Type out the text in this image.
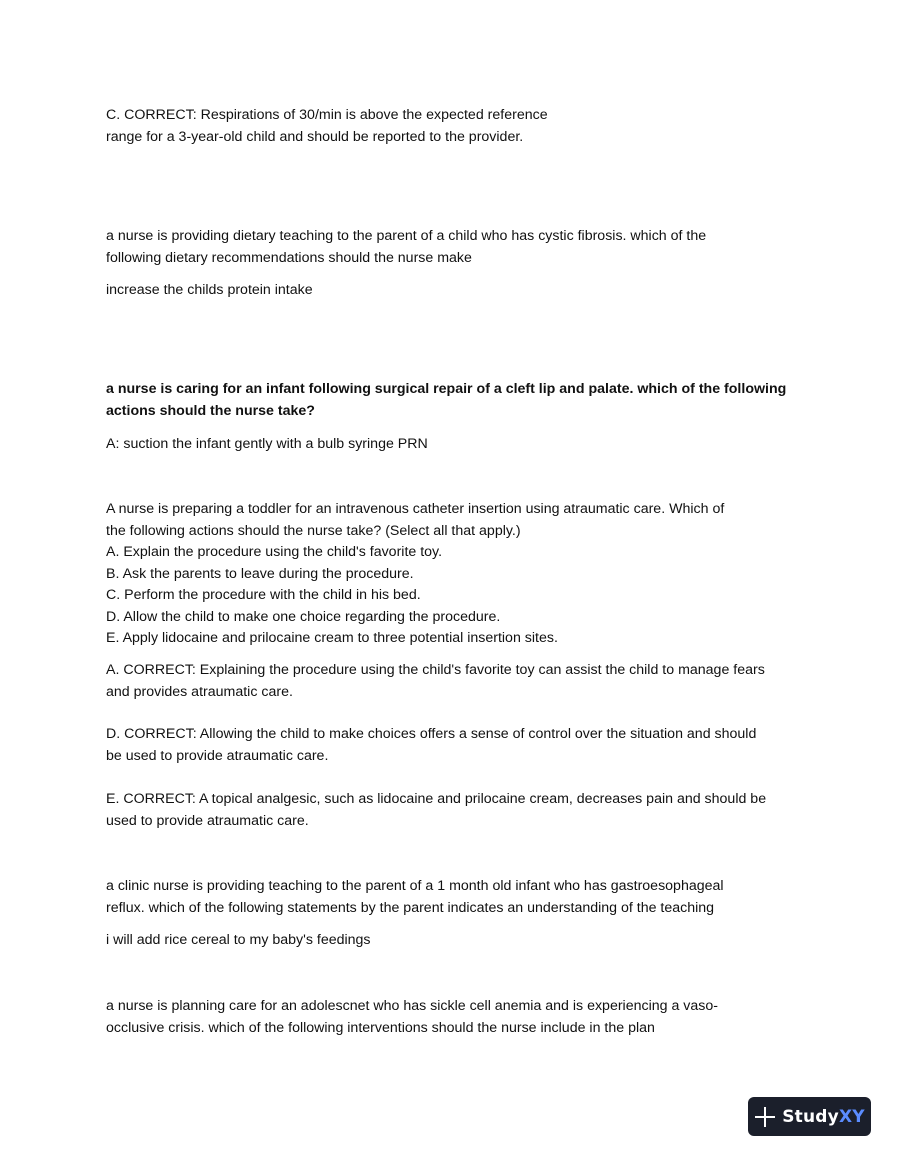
C. CORRECT: Respirations of 30/min is above the expected reference
range for a 3-year-old child and should be reported to the provider.
a nurse is providing dietary teaching to the parent of a child who has cystic fibrosis. which of the
following dietary recommendations should the nurse make
increase the childs protein intake
a nurse is caring for an infant following surgical repair of a cleft lip and palate. which of the following
actions should the nurse take?
A: suction the infant gently with a bulb syringe PRN
A nurse is preparing a toddler for an intravenous catheter insertion using atraumatic care. Which of
the following actions should the nurse take? (Select all that apply.)
A. Explain the procedure using the child's favorite toy.
B. Ask the parents to leave during the procedure.
C. Perform the procedure with the child in his bed.
D. Allow the child to make one choice regarding the procedure.
E. Apply lidocaine and prilocaine cream to three potential insertion sites.
A. CORRECT: Explaining the procedure using the child's favorite toy can assist the child to manage fears
and provides atraumatic care.
D. CORRECT: Allowing the child to make choices offers a sense of control over the situation and should
be used to provide atraumatic care.
E. CORRECT: A topical analgesic, such as lidocaine and prilocaine cream, decreases pain and should be
used to provide atraumatic care.
a clinic nurse is providing teaching to the parent of a 1 month old infant who has gastroesophageal
reflux. which of the following statements by the parent indicates an understanding of the teaching
i will add rice cereal to my baby's feedings
a nurse is planning care for an adolescnet who has sickle cell anemia and is experiencing a vaso-
occlusive crisis. which of the following interventions should the nurse include in the plan
StudyXY
